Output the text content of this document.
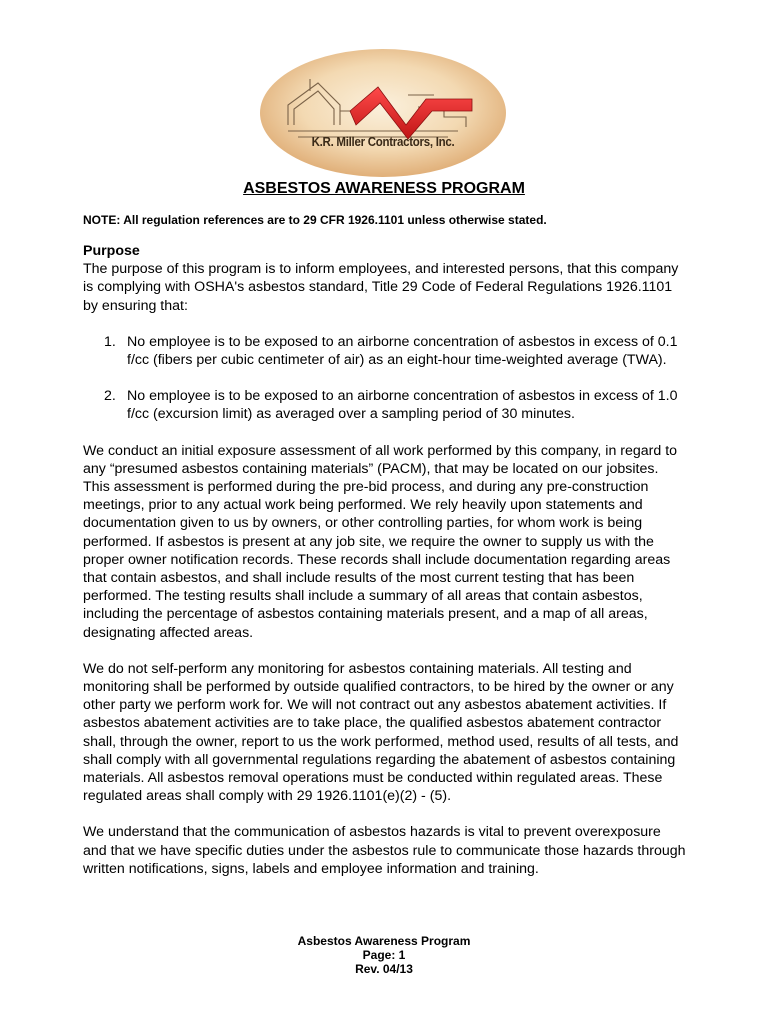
K.R. Miller Contractors, Inc.
ASBESTOS AWARENESS PROGRAM
NOTE: All regulation references are to 29 CFR 1926.1101 unless otherwise stated.
Purpose

The purpose of this program is to inform employees, and interested persons, that this company is complying with OSHA's asbestos standard, Title 29 Code of Federal Regulations 1926.1101 by ensuring that:

1. No employee is to be exposed to an airborne concentration of asbestos in excess of 0.1 f/cc (fibers per cubic centimeter of air) as an eight-hour time-weighted average (TWA).
2. No employee is to be exposed to an airborne concentration of asbestos in excess of 1.0 f/cc (excursion limit) as averaged over a sampling period of 30 minutes.

We conduct an initial exposure assessment of all work performed by this company, in regard to any “presumed asbestos containing materials” (PACM), that may be located on our jobsites. This assessment is performed during the pre-bid process, and during any pre-construction meetings, prior to any actual work being performed. We rely heavily upon statements and documentation given to us by owners, or other controlling parties, for whom work is being performed. If asbestos is present at any job site, we require the owner to supply us with the proper owner notification records. These records shall include documentation regarding areas that contain asbestos, and shall include results of the most current testing that has been performed. The testing results shall include a summary of all areas that contain asbestos, including the percentage of asbestos containing materials present, and a map of all areas, designating affected areas.

We do not self-perform any monitoring for asbestos containing materials. All testing and monitoring shall be performed by outside qualified contractors, to be hired by the owner or any other party we perform work for. We will not contract out any asbestos abatement activities. If asbestos abatement activities are to take place, the qualified asbestos abatement contractor shall, through the owner, report to us the work performed, method used, results of all tests, and shall comply with all governmental regulations regarding the abatement of asbestos containing materials. All asbestos removal operations must be conducted within regulated areas. These regulated areas shall comply with 29 1926.1101(e)(2) - (5).

We understand that the communication of asbestos hazards is vital to prevent overexposure and that we have specific duties under the asbestos rule to communicate those hazards through written notifications, signs, labels and employee information and training.

Asbestos Awareness Program
Page: 1
Rev. 04/13
